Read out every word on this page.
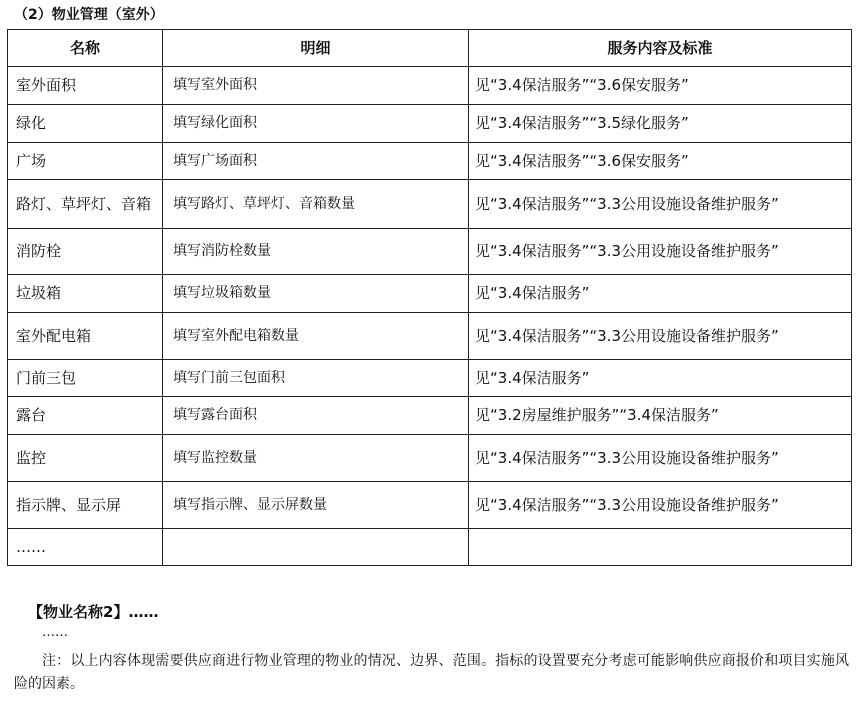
（2）物业管理（室外）
名称	明细	服务内容及标准
室外面积	填写室外面积	见“3.4保洁服务”“3.6保安服务”
绿化	填写绿化面积	见“3.4保洁服务”“3.5绿化服务”
广场	填写广场面积	见“3.4保洁服务”“3.6保安服务”
路灯、草坪灯、音箱	填写路灯、草坪灯、音箱数量	见“3.4保洁服务”“3.3公用设施设备维护服务”
消防栓	填写消防栓数量	见“3.4保洁服务”“3.3公用设施设备维护服务”
垃圾箱	填写垃圾箱数量	见“3.4保洁服务”
室外配电箱	填写室外配电箱数量	见“3.4保洁服务”“3.3公用设施设备维护服务”
门前三包	填写门前三包面积	见“3.4保洁服务”
露台	填写露台面积	见“3.2房屋维护服务”“3.4保洁服务”
监控	填写监控数量	见“3.4保洁服务”“3.3公用设施设备维护服务”
指示牌、显示屏	填写指示牌、显示屏数量	见“3.4保洁服务”“3.3公用设施设备维护服务”
……		
【物业名称2】……
……
注：以上内容体现需要供应商进行物业管理的物业的情况、边界、范围。指标的设置要充分考虑可能影响供应商报价和项目实施风险的因素。
